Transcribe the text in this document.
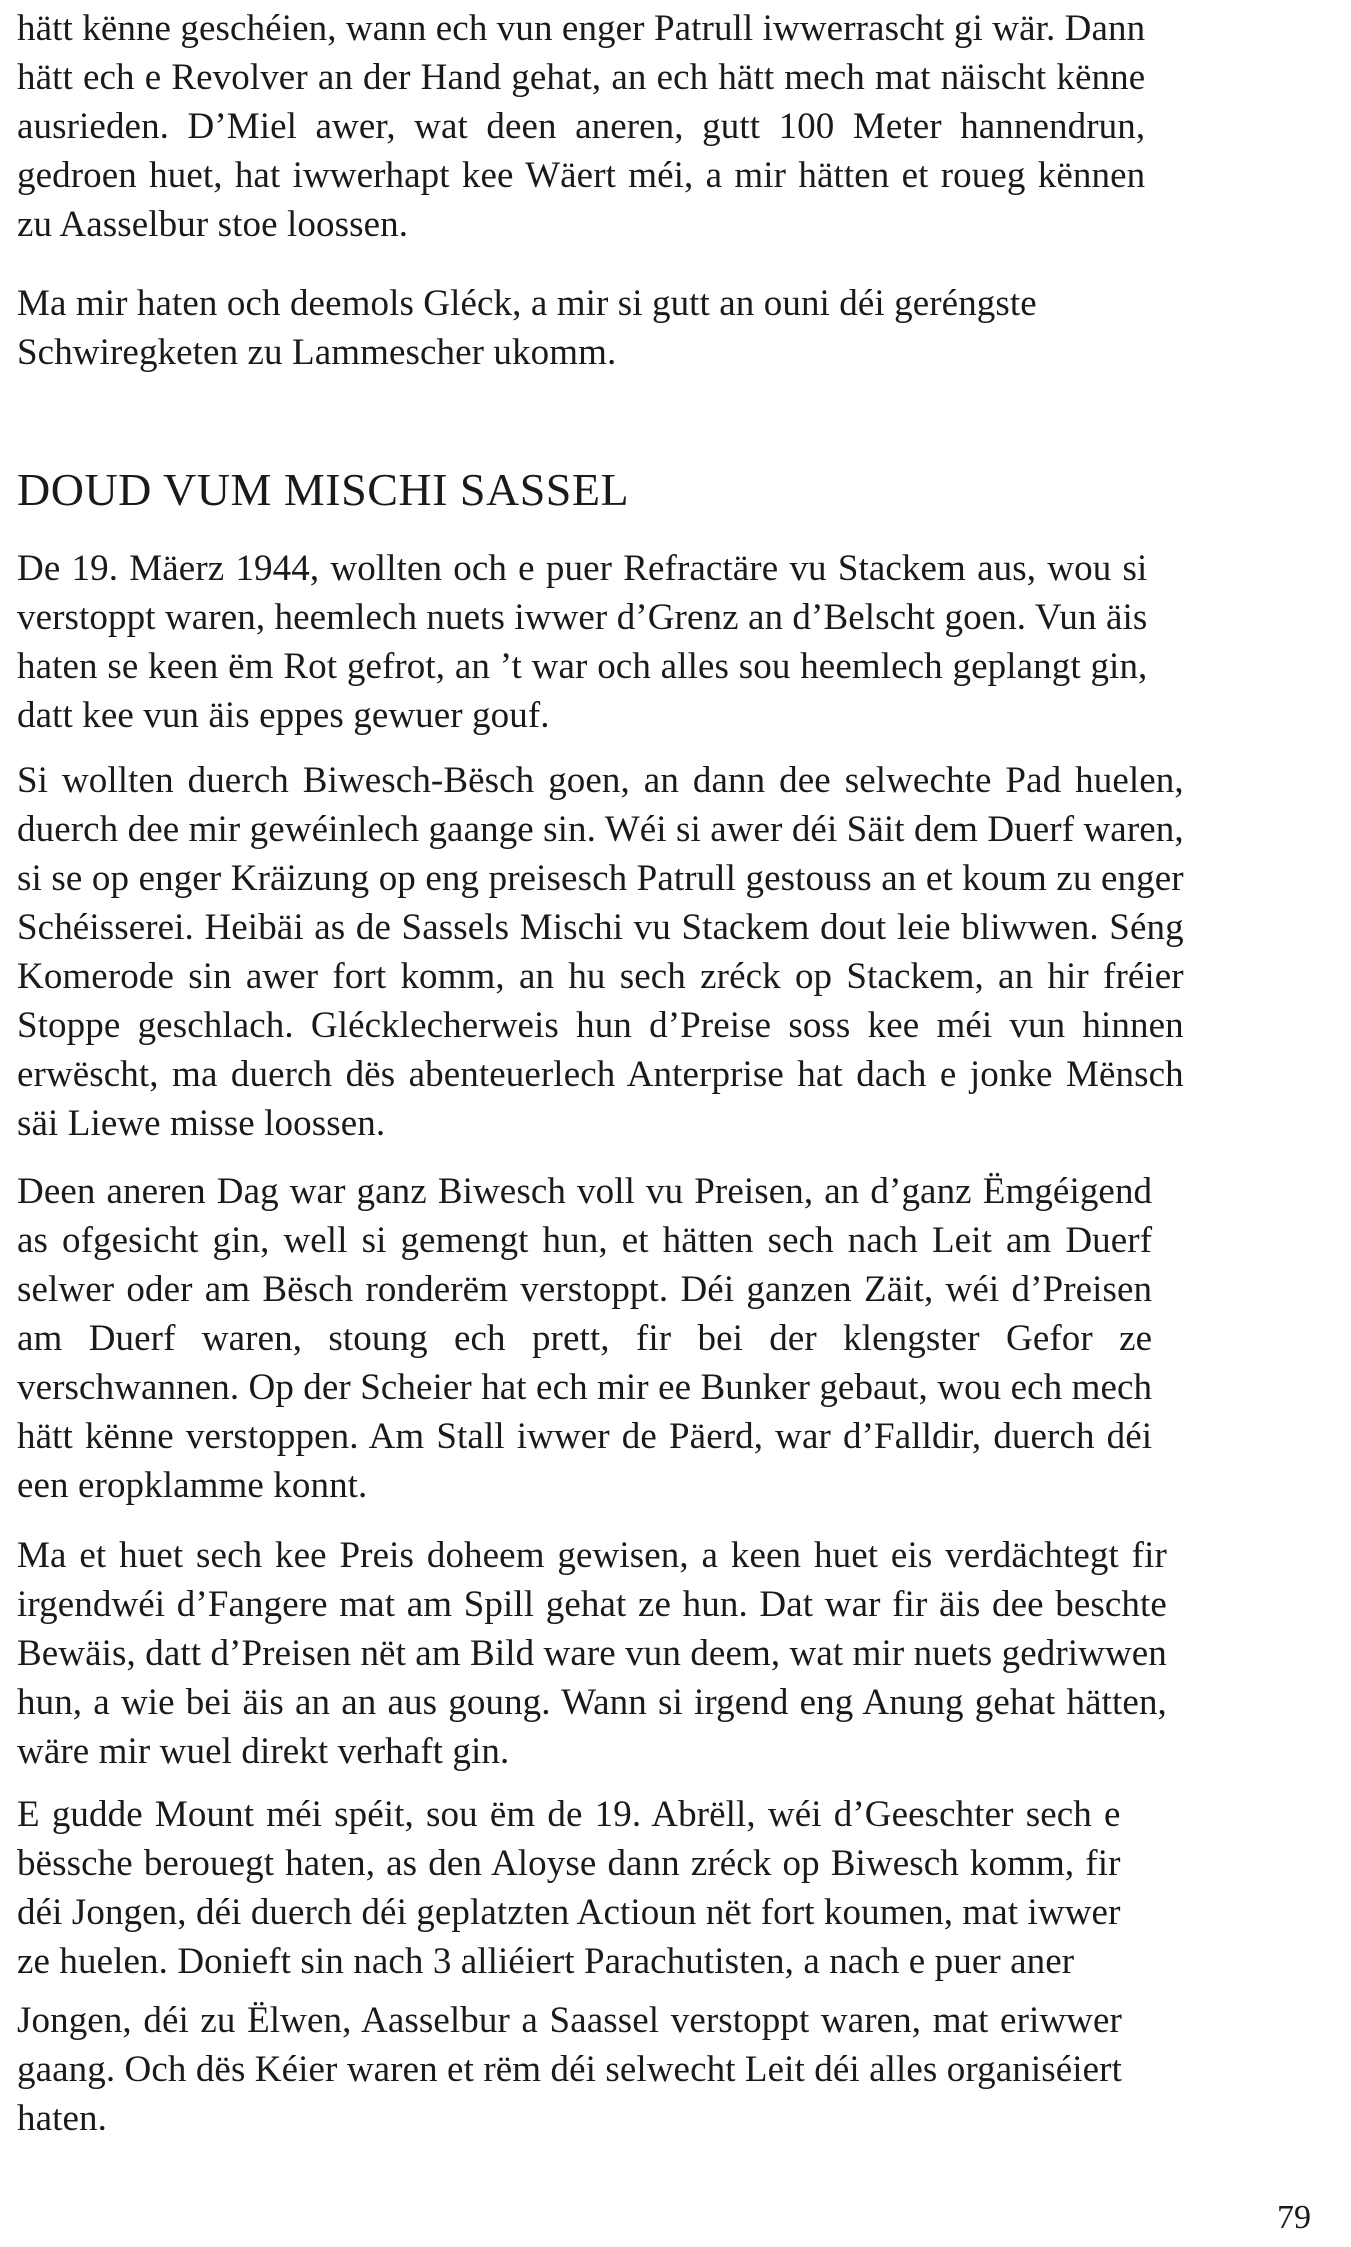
hätt kënne geschéien, wann ech vun enger Patrull iwwerrascht gi wär. Dann
hätt ech e Revolver an der Hand gehat, an ech hätt mech mat näischt kënne
ausrieden. D’Miel awer, wat deen aneren, gutt 100 Meter hannendrun,
gedroen huet, hat iwwerhapt kee Wäert méi, a mir hätten et roueg kënnen
zu Aasselbur stoe loossen.

Ma mir haten och deemols Gléck, a mir si gutt an ouni déi geréngste
Schwiregketen zu Lammescher ukomm.

De 19. Mäerz 1944, wollten och e puer Refractäre vu Stackem aus, wou si
verstoppt waren, heemlech nuets iwwer d’Grenz an d’Belscht goen. Vun äis
haten se keen ëm Rot gefrot, an ’t war och alles sou heemlech geplangt gin,
datt kee vun äis eppes gewuer gouf.

Si wollten duerch Biwesch-Bësch goen, an dann dee selwechte Pad huelen,
duerch dee mir gewéinlech gaange sin. Wéi si awer déi Säit dem Duerf waren,
si se op enger Kräizung op eng preisesch Patrull gestouss an et koum zu enger
Schéisserei. Heibäi as de Sassels Mischi vu Stackem dout leie bliwwen. Séng
Komerode sin awer fort komm, an hu sech zréck op Stackem, an hir fréier
Stoppe geschlach. Glécklecherweis hun d’Preise soss kee méi vun hinnen
erwëscht, ma duerch dës abenteuerlech Anterprise hat dach e jonke Mënsch
säi Liewe misse loossen.

Deen aneren Dag war ganz Biwesch voll vu Preisen, an d’ganz Ëmgéigend
as ofgesicht gin, well si gemengt hun, et hätten sech nach Leit am Duerf
selwer oder am Bësch ronderëm verstoppt. Déi ganzen Zäit, wéi d’Preisen
am Duerf waren, stoung ech prett, fir bei der klengster Gefor ze
verschwannen. Op der Scheier hat ech mir ee Bunker gebaut, wou ech mech
hätt kënne verstoppen. Am Stall iwwer de Päerd, war d’Falldir, duerch déi
een eropklamme konnt.

Ma et huet sech kee Preis doheem gewisen, a keen huet eis verdächtegt fir
irgendwéi d’Fangere mat am Spill gehat ze hun. Dat war fir äis dee beschte
Bewäis, datt d’Preisen nët am Bild ware vun deem, wat mir nuets gedriwwen
hun, a wie bei äis an an aus goung. Wann si irgend eng Anung gehat hätten,
wäre mir wuel direkt verhaft gin.

E gudde Mount méi spéit, sou ëm de 19. Abrëll, wéi d’Geeschter sech e
bëssche berouegt haten, as den Aloyse dann zréck op Biwesch komm, fir
déi Jongen, déi duerch déi geplatzten Actioun nët fort koumen, mat iwwer
ze huelen. Donieft sin nach 3 alliéiert Parachutisten, a nach e puer aner

Jongen, déi zu Ëlwen, Aasselbur a Saassel verstoppt waren, mat eriwwer
gaang. Och dës Kéier waren et rëm déi selwecht Leit déi alles organiséiert
haten.

DOUD VUM MISCHI SASSEL

79
